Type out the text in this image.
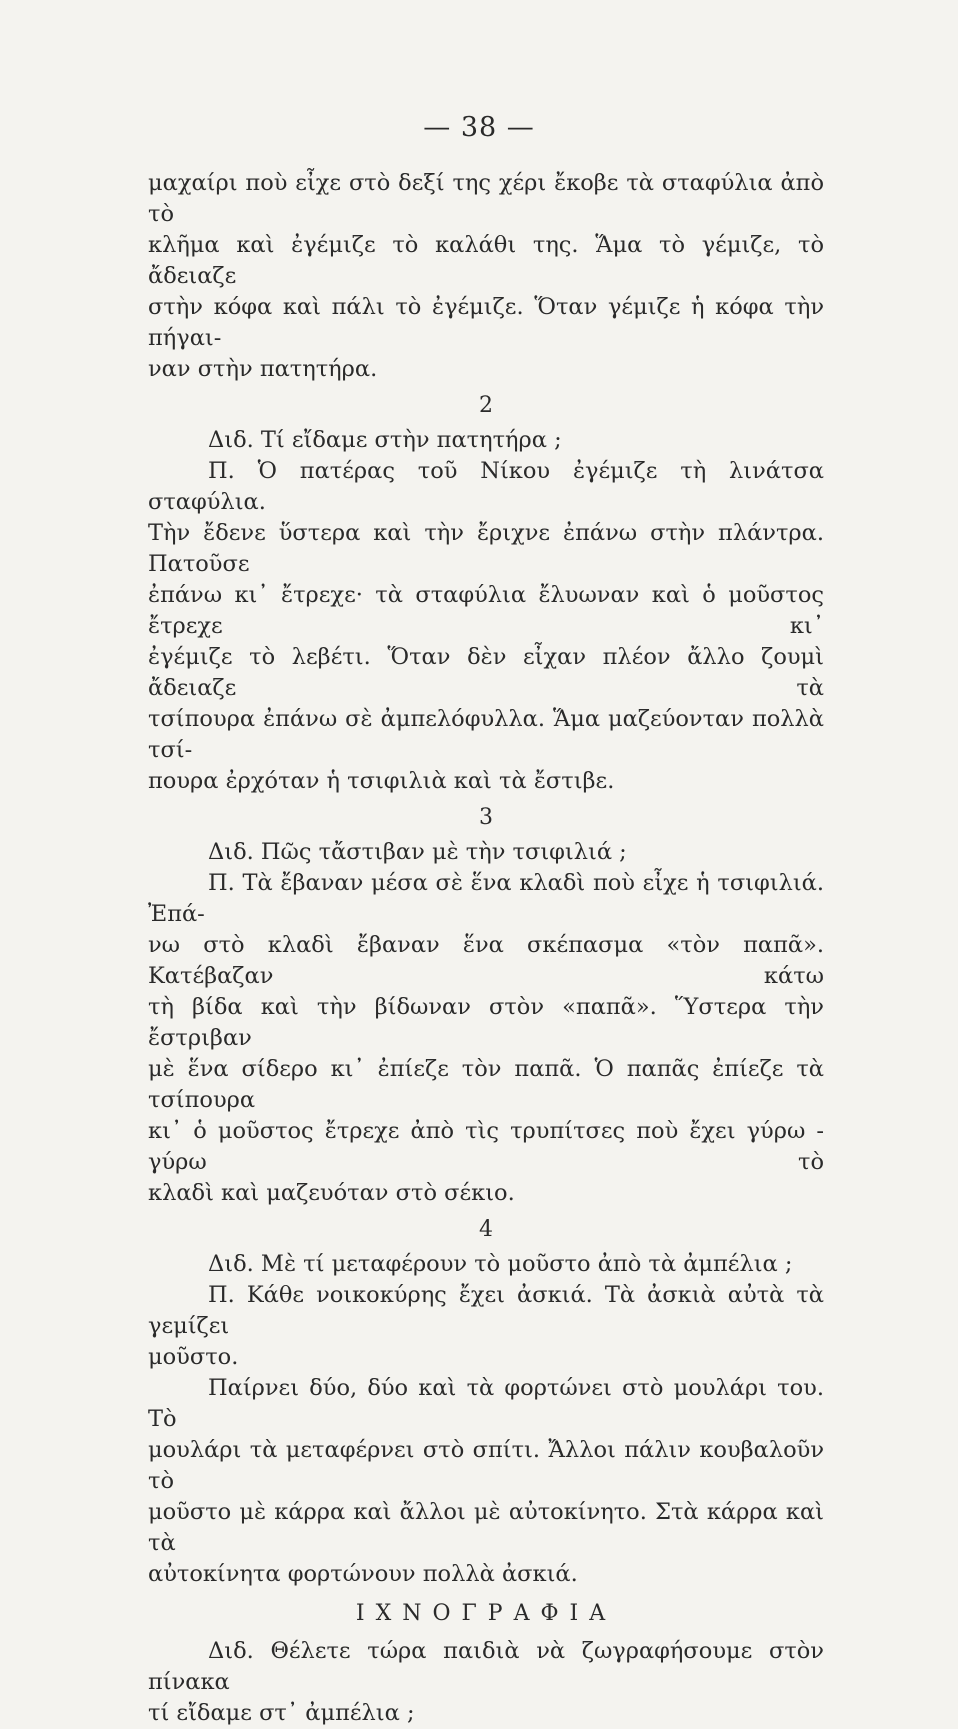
— 38 —

μαχαίρι ποὺ εἶχε στὸ δεξί της χέρι ἔκοβε τὰ σταφύλια ἀπὸ τὸ

κλῆμα καὶ ἐγέμιζε τὸ καλάθι της. Ἅμα τὸ γέμιζε, τὸ ἄδειαζε

στὴν κόφα καὶ πάλι τὸ ἐγέμιζε. Ὅταν γέμιζε ἡ κόφα τὴν πήγαι-

ναν στὴν πατητήρα.

2

Διδ. Τί εἴδαμε στὴν πατητήρα ;

Π. Ὁ πατέρας τοῦ Νίκου ἐγέμιζε τὴ λινάτσα σταφύλια.

Τὴν ἔδενε ὕστερα καὶ τὴν ἔριχνε ἐπάνω στὴν πλάντρα. Πατοῦσε

ἐπάνω κι᾽ ἔτρεχε· τὰ σταφύλια ἔλυωναν καὶ ὁ μοῦστος ἔτρεχε κι᾽

ἐγέμιζε τὸ λεβέτι. Ὅταν δὲν εἶχαν πλέον ἄλλο ζουμὶ ἄδειαζε τὰ

τσίπουρα ἐπάνω σὲ ἀμπελόφυλλα. Ἅμα μαζεύονταν πολλὰ τσί-

πουρα ἐρχόταν ἡ τσιφιλιὰ καὶ τὰ ἔστιβε.

3

Διδ. Πῶς τἄστιβαν μὲ τὴν τσιφιλιά ;

Π. Τὰ ἔβαναν μέσα σὲ ἕνα κλαδὶ ποὺ εἶχε ἡ τσιφιλιά. Ἐπά-

νω στὸ κλαδὶ ἔβαναν ἕνα σκέπασμα «τὸν παπᾶ». Κατέβαζαν κάτω

τὴ βίδα καὶ τὴν βίδωναν στὸν «παπᾶ». Ὕστερα τὴν ἔστριβαν

μὲ ἕνα σίδερο κι᾽ ἐπίεζε τὸν παπᾶ. Ὁ παπᾶς ἐπίεζε τὰ τσίπουρα

κι᾽ ὁ μοῦστος ἔτρεχε ἀπὸ τὶς τρυπίτσες ποὺ ἔχει γύρω - γύρω τὸ

κλαδὶ καὶ μαζευόταν στὸ σέκιο.

4

Διδ. Μὲ τί μεταφέρουν τὸ μοῦστο ἀπὸ τὰ ἀμπέλια ;

Π. Κάθε νοικοκύρης ἔχει ἀσκιά. Τὰ ἀσκιὰ αὐτὰ τὰ γεμίζει

μοῦστο.

Παίρνει δύο, δύο καὶ τὰ φορτώνει στὸ μουλάρι του. Τὸ

μουλάρι τὰ μεταφέρνει στὸ σπίτι. Ἄλλοι πάλιν κουβαλοῦν τὸ

μοῦστο μὲ κάρρα καὶ ἄλλοι μὲ αὐτοκίνητο. Στὰ κάρρα καὶ τὰ

αὐτοκίνητα φορτώνουν πολλὰ ἀσκιά.

ΙΧΝΟΓΡΑΦΙΑ

Διδ. Θέλετε τώρα παιδιὰ νὰ ζωγραφήσουμε στὸν πίνακα

τί εἴδαμε στ᾽ ἀμπέλια ;
